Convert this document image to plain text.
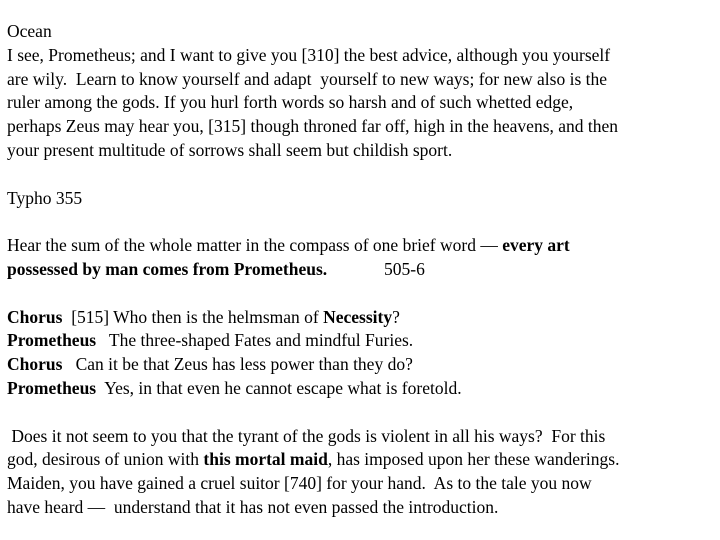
Ocean
I see, Prometheus; and I want to give you [310] the best advice, although you yourself
are wily.  Learn to know yourself and adapt  yourself to new ways; for new also is the
ruler among the gods. If you hurl forth words so harsh and of such whetted edge,
perhaps Zeus may hear you, [315] though throned far off, high in the heavens, and then
your present multitude of sorrows shall seem but childish sport.
Typho 355
Hear the sum of the whole matter in the compass of one brief word — every art
possessed by man comes from Prometheus.             505-6
Chorus  [515] Who then is the helmsman of Necessity?
Prometheus   The three-shaped Fates and mindful Furies.
Chorus   Can it be that Zeus has less power than they do?
Prometheus  Yes, in that even he cannot escape what is foretold.
Does it not seem to you that the tyrant of the gods is violent in all his ways?  For this
god, desirous of union with this mortal maid, has imposed upon her these wanderings.
Maiden, you have gained a cruel suitor [740] for your hand.  As to the tale you now
have heard —  understand that it has not even passed the introduction.
